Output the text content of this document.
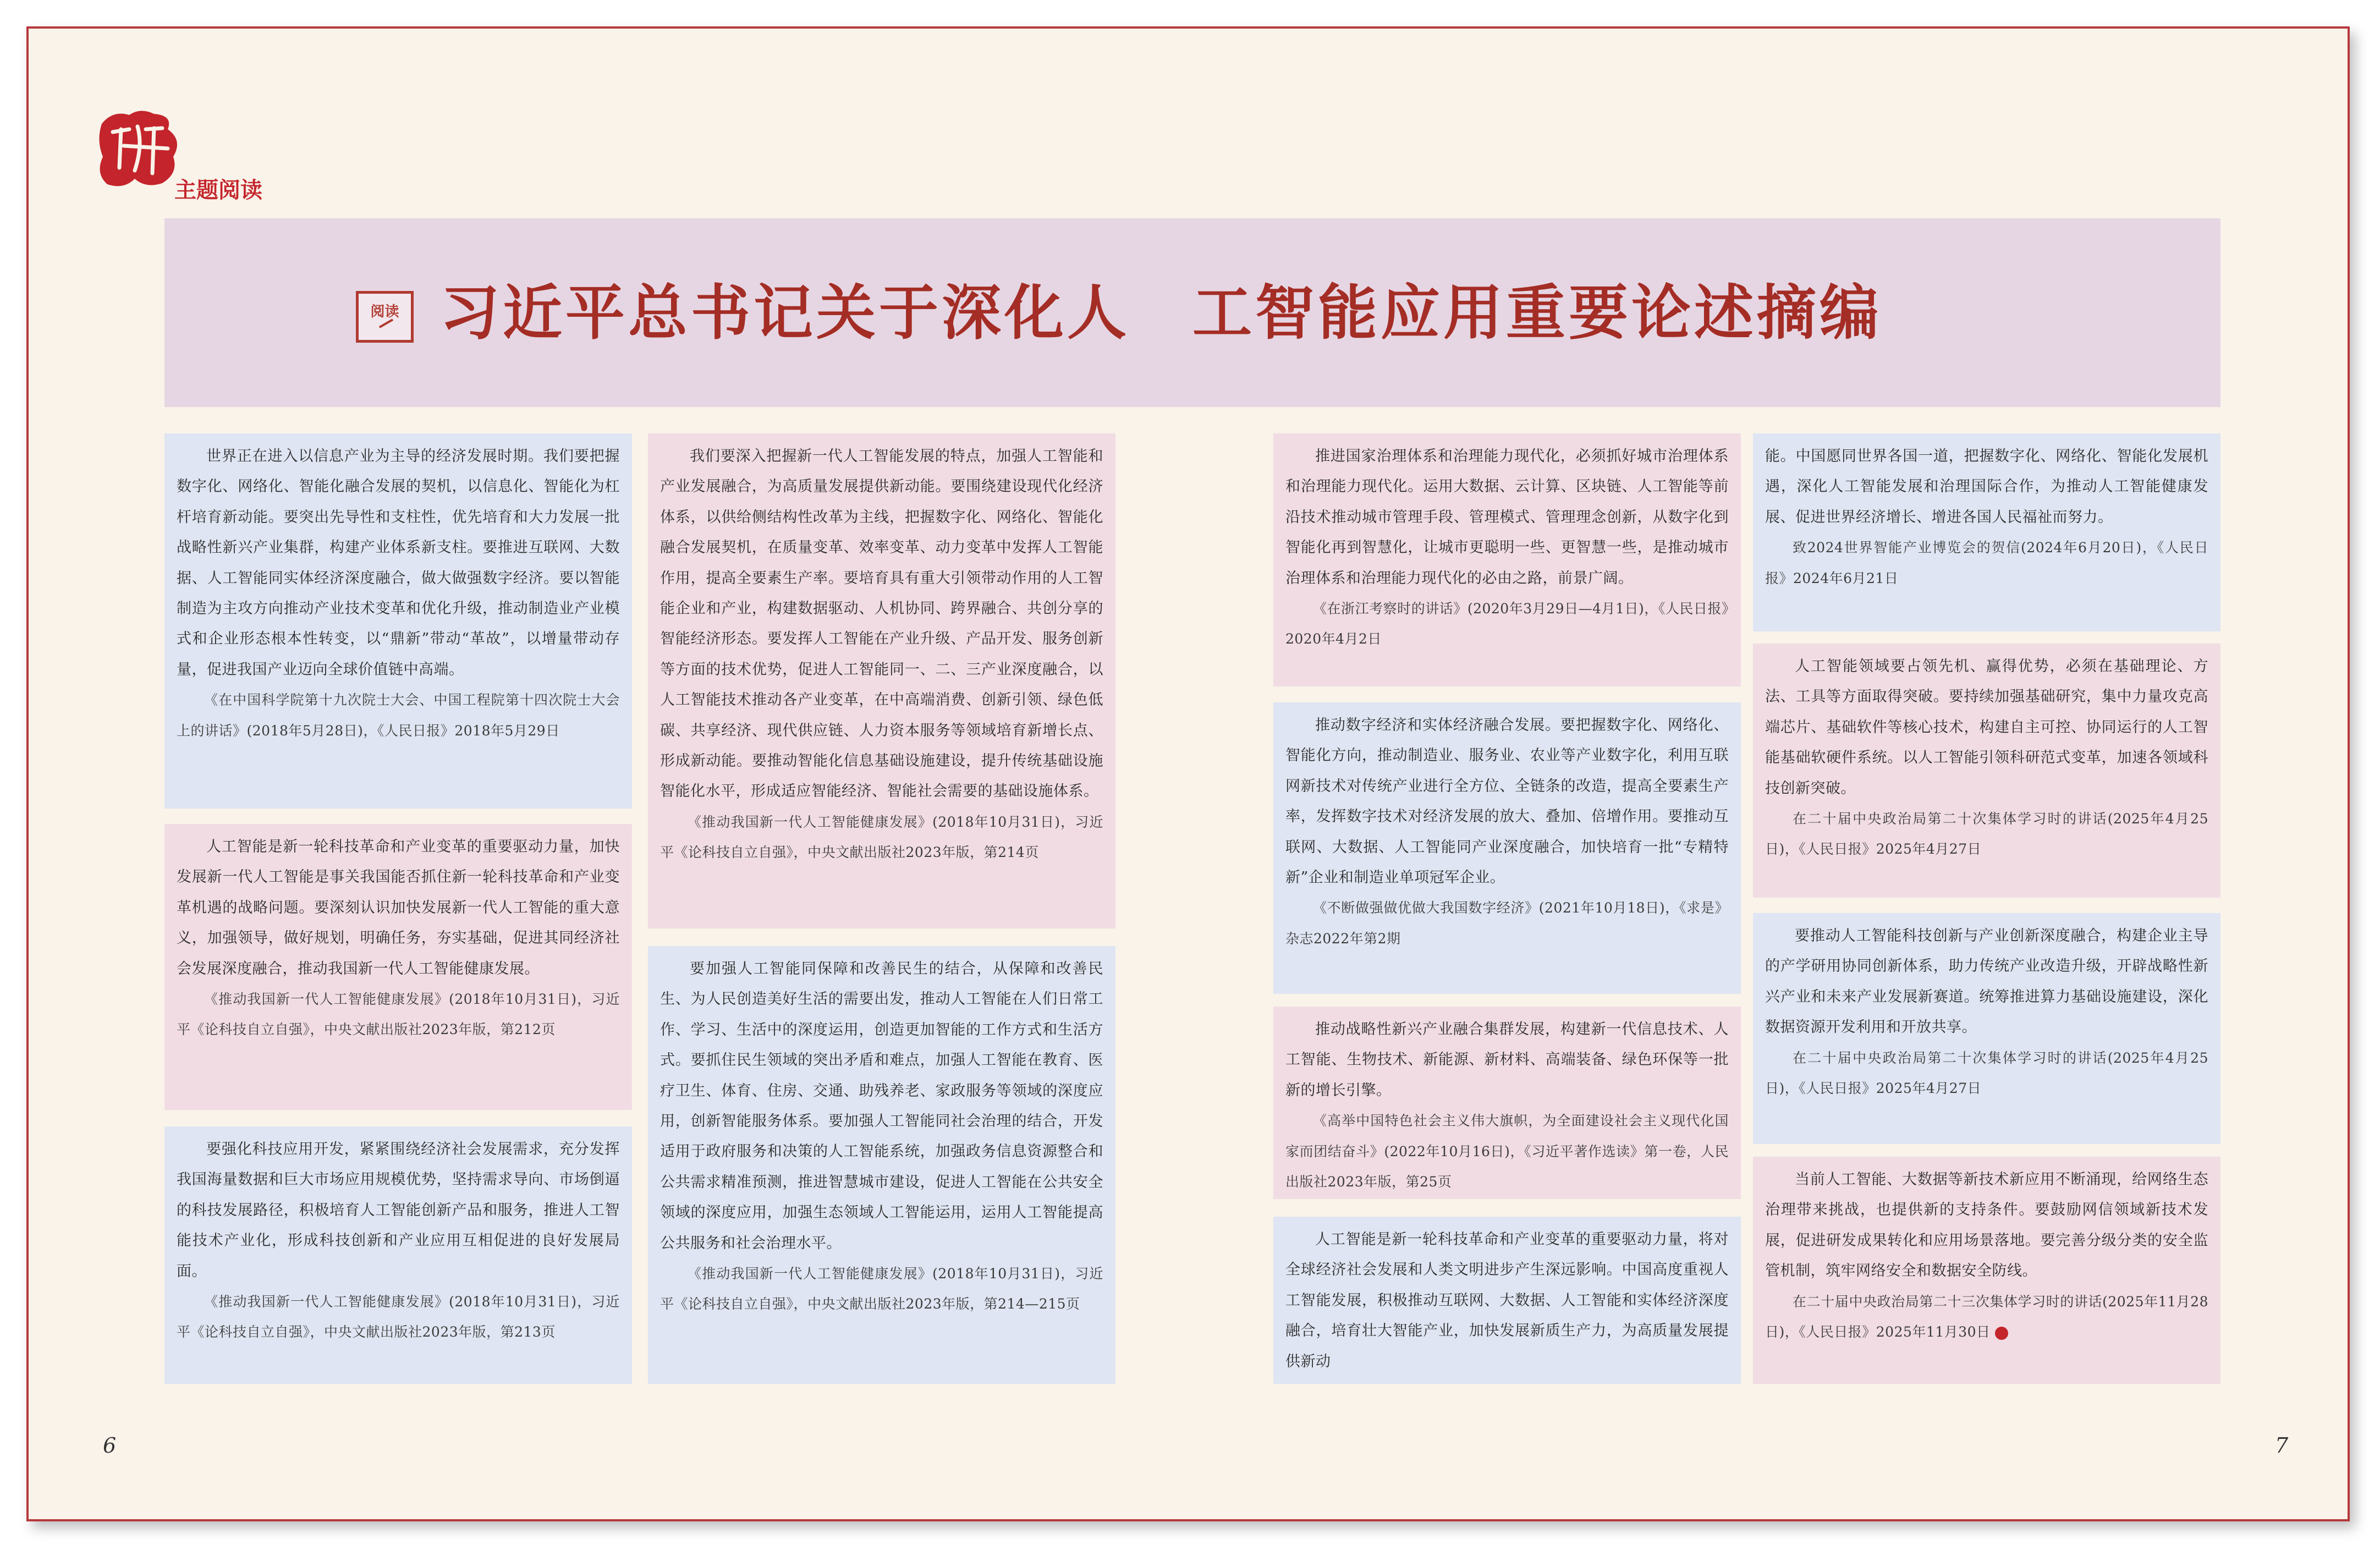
主题阅读

阅读 习近平总书记关于深化人　工智能应用重要论述摘编

世界正在进入以信息产业为主导的经济发展时期。我们要把握数字化、网络化、智能化融合发展的契机，以信息化、智能化为杠杆培育新动能。要突出先导性和支柱性，优先培育和大力发展一批战略性新兴产业集群，构建产业体系新支柱。要推进互联网、大数据、人工智能同实体经济深度融合，做大做强数字经济。要以智能制造为主攻方向推动产业技术变革和优化升级，推动制造业产业模式和企业形态根本性转变，以“鼎新”带动“革故”，以增量带动存量，促进我国产业迈向全球价值链中高端。

《在中国科学院第十九次院士大会、中国工程院第十四次院士大会上的讲话》(2018年5月28日)，《人民日报》2018年5月29日

人工智能是新一轮科技革命和产业变革的重要驱动力量，加快发展新一代人工智能是事关我国能否抓住新一轮科技革命和产业变革机遇的战略问题。要深刻认识加快发展新一代人工智能的重大意义，加强领导，做好规划，明确任务，夯实基础，促进其同经济社会发展深度融合，推动我国新一代人工智能健康发展。

《推动我国新一代人工智能健康发展》(2018年10月31日)，习近平《论科技自立自强》，中央文献出版社2023年版，第212页

要强化科技应用开发，紧紧围绕经济社会发展需求，充分发挥我国海量数据和巨大市场应用规模优势，坚持需求导向、市场倒逼的科技发展路径，积极培育人工智能创新产品和服务，推进人工智能技术产业化，形成科技创新和产业应用互相促进的良好发展局面。

《推动我国新一代人工智能健康发展》(2018年10月31日)，习近平《论科技自立自强》，中央文献出版社2023年版，第213页

我们要深入把握新一代人工智能发展的特点，加强人工智能和产业发展融合，为高质量发展提供新动能。要围绕建设现代化经济体系，以供给侧结构性改革为主线，把握数字化、网络化、智能化融合发展契机，在质量变革、效率变革、动力变革中发挥人工智能作用，提高全要素生产率。要培育具有重大引领带动作用的人工智能企业和产业，构建数据驱动、人机协同、跨界融合、共创分享的智能经济形态。要发挥人工智能在产业升级、产品开发、服务创新等方面的技术优势，促进人工智能同一、二、三产业深度融合，以人工智能技术推动各产业变革，在中高端消费、创新引领、绿色低碳、共享经济、现代供应链、人力资本服务等领域培育新增长点、形成新动能。要推动智能化信息基础设施建设，提升传统基础设施智能化水平，形成适应智能经济、智能社会需要的基础设施体系。

《推动我国新一代人工智能健康发展》(2018年10月31日)，习近平《论科技自立自强》，中央文献出版社2023年版，第214页

要加强人工智能同保障和改善民生的结合，从保障和改善民生、为人民创造美好生活的需要出发，推动人工智能在人们日常工作、学习、生活中的深度运用，创造更加智能的工作方式和生活方式。要抓住民生领域的突出矛盾和难点，加强人工智能在教育、医疗卫生、体育、住房、交通、助残养老、家政服务等领域的深度应用，创新智能服务体系。要加强人工智能同社会治理的结合，开发适用于政府服务和决策的人工智能系统，加强政务信息资源整合和公共需求精准预测，推进智慧城市建设，促进人工智能在公共安全领域的深度应用，加强生态领域人工智能运用，运用人工智能提高公共服务和社会治理水平。

《推动我国新一代人工智能健康发展》(2018年10月31日)，习近平《论科技自立自强》，中央文献出版社2023年版，第214—215页

推进国家治理体系和治理能力现代化，必须抓好城市治理体系和治理能力现代化。运用大数据、云计算、区块链、人工智能等前沿技术推动城市管理手段、管理模式、管理理念创新，从数字化到智能化再到智慧化，让城市更聪明一些、更智慧一些，是推动城市治理体系和治理能力现代化的必由之路，前景广阔。

《在浙江考察时的讲话》(2020年3月29日—4月1日)，《人民日报》2020年4月2日

推动数字经济和实体经济融合发展。要把握数字化、网络化、智能化方向，推动制造业、服务业、农业等产业数字化，利用互联网新技术对传统产业进行全方位、全链条的改造，提高全要素生产率，发挥数字技术对经济发展的放大、叠加、倍增作用。要推动互联网、大数据、人工智能同产业深度融合，加快培育一批“专精特新”企业和制造业单项冠军企业。

《不断做强做优做大我国数字经济》(2021年10月18日)，《求是》杂志2022年第2期

推动战略性新兴产业融合集群发展，构建新一代信息技术、人工智能、生物技术、新能源、新材料、高端装备、绿色环保等一批新的增长引擎。

《高举中国特色社会主义伟大旗帜，为全面建设社会主义现代化国家而团结奋斗》(2022年10月16日)，《习近平著作选读》第一卷，人民出版社2023年版，第25页

人工智能是新一轮科技革命和产业变革的重要驱动力量，将对全球经济社会发展和人类文明进步产生深远影响。中国高度重视人工智能发展，积极推动互联网、大数据、人工智能和实体经济深度融合，培育壮大智能产业，加快发展新质生产力，为高质量发展提供新动

能。中国愿同世界各国一道，把握数字化、网络化、智能化发展机遇，深化人工智能发展和治理国际合作，为推动人工智能健康发展、促进世界经济增长、增进各国人民福祉而努力。

致2024世界智能产业博览会的贺信(2024年6月20日)，《人民日报》2024年6月21日

人工智能领域要占领先机、赢得优势，必须在基础理论、方法、工具等方面取得突破。要持续加强基础研究，集中力量攻克高端芯片、基础软件等核心技术，构建自主可控、协同运行的人工智能基础软硬件系统。以人工智能引领科研范式变革，加速各领域科技创新突破。

在二十届中央政治局第二十次集体学习时的讲话(2025年4月25日)，《人民日报》2025年4月27日

要推动人工智能科技创新与产业创新深度融合，构建企业主导的产学研用协同创新体系，助力传统产业改造升级，开辟战略性新兴产业和未来产业发展新赛道。统筹推进算力基础设施建设，深化数据资源开发利用和开放共享。

在二十届中央政治局第二十次集体学习时的讲话(2025年4月25日)，《人民日报》2025年4月27日

当前人工智能、大数据等新技术新应用不断涌现，给网络生态治理带来挑战，也提供新的支持条件。要鼓励网信领域新技术发展，促进研发成果转化和应用场景落地。要完善分级分类的安全监管机制，筑牢网络安全和数据安全防线。

在二十届中央政治局第二十三次集体学习时的讲话(2025年11月28日)，《人民日报》2025年11月30日

6	7
